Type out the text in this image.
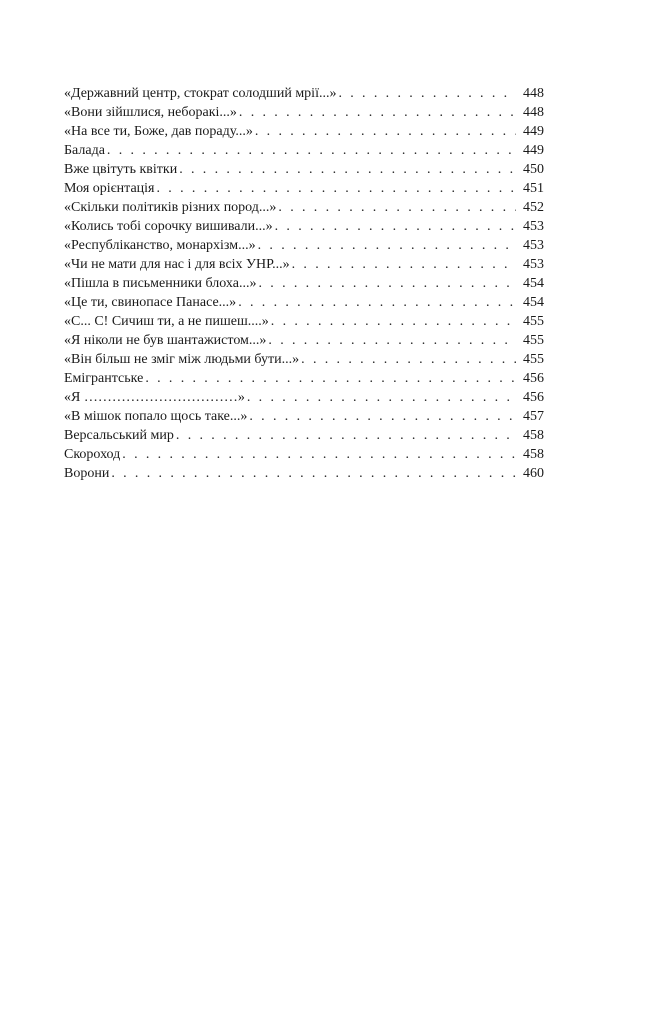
«Державний центр, стократ солодший мрії...» . . .	448
«Вони зійшлися, неборакі...» . . .	448
«На все ти, Боже, дав пораду...» . . .	449
Балада . . .	449
Вже цвітуть квітки . . .	450
Моя орієнтація . . .	451
«Скільки політиків різних пород...» . . .	452
«Колись тобі сорочку вишивали...» . . .	453
«Республіканство, монархізм...» . . .	453
«Чи не мати для нас і для всіх УНР...» . . .	453
«Пішла в письменники блоха...» . . .	454
«Це ти, свинопасе Панасе...» . . .	454
«С... С! Сичиш ти, а не пишеш....» . . .	455
«Я ніколи не був шантажистом...» . . .	455
«Він більш не зміг між людьми бути...» . . .	455
Емігрантське . . .	456
«Я ……………………………» . . .	456
«В мішок попало щось таке...» . . .	457
Версальський мир . . .	458
Скороход . . .	458
Ворони . . .	460
